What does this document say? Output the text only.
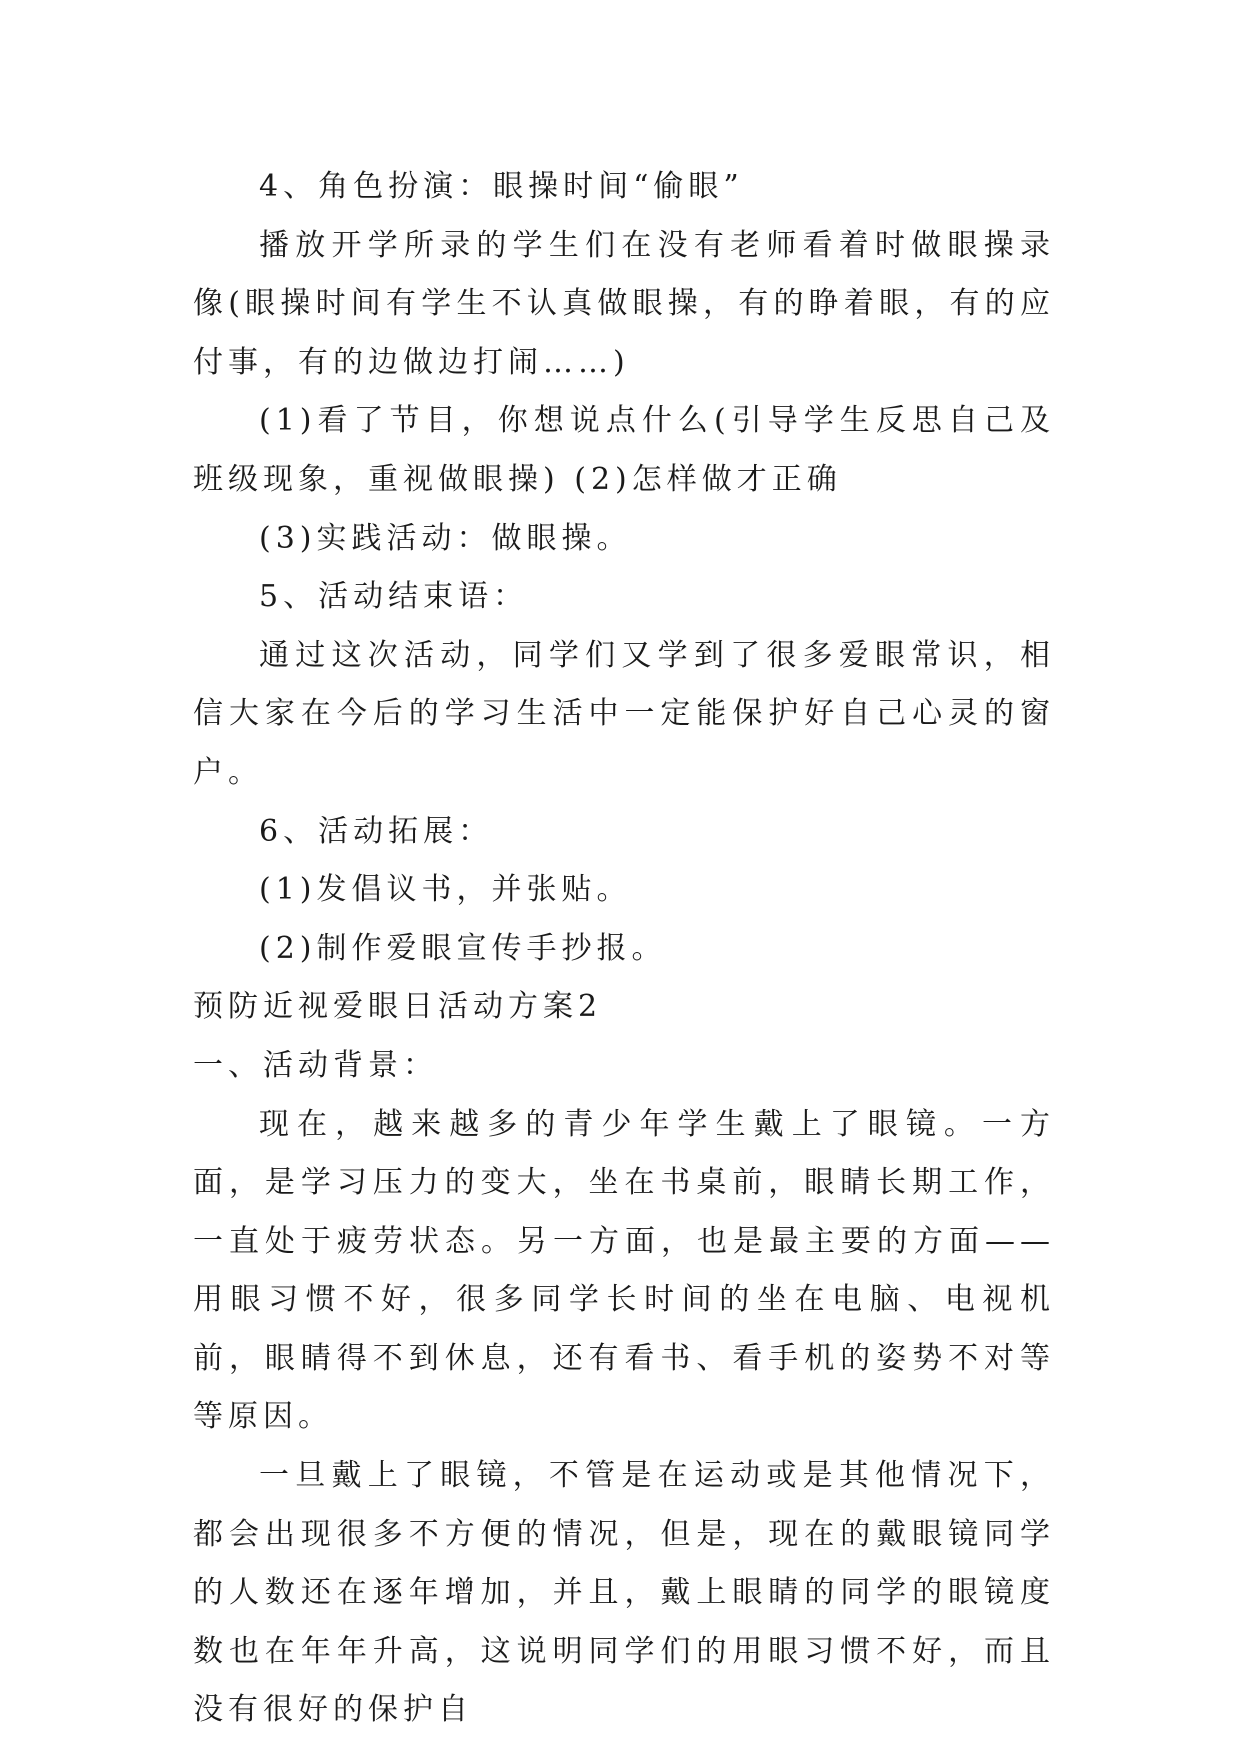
4、角色扮演：眼操时间“偷眼”

播放开学所录的学生们在没有老师看着时做眼操录像(眼操时间有学生不认真做眼操，有的睁着眼，有的应付事，有的边做边打闹……)

(1)看了节目，你想说点什么(引导学生反思自己及班级现象，重视做眼操) (2)怎样做才正确

(3)实践活动：做眼操。

5、活动结束语：

通过这次活动，同学们又学到了很多爱眼常识，相信大家在今后的学习生活中一定能保护好自己心灵的窗户。

6、活动拓展：

(1)发倡议书，并张贴。

(2)制作爱眼宣传手抄报。

预防近视爱眼日活动方案2

一、活动背景：

现在，越来越多的青少年学生戴上了眼镜。一方面，是学习压力的变大，坐在书桌前，眼睛长期工作，一直处于疲劳状态。另一方面，也是最主要的方面——用眼习惯不好，很多同学长时间的坐在电脑、电视机前，眼睛得不到休息，还有看书、看手机的姿势不对等等原因。

一旦戴上了眼镜，不管是在运动或是其他情况下，都会出现很多不方便的情况，但是，现在的戴眼镜同学的人数还在逐年增加，并且，戴上眼睛的同学的眼镜度数也在年年升高，这说明同学们的用眼习惯不好，而且没有很好的保护自
